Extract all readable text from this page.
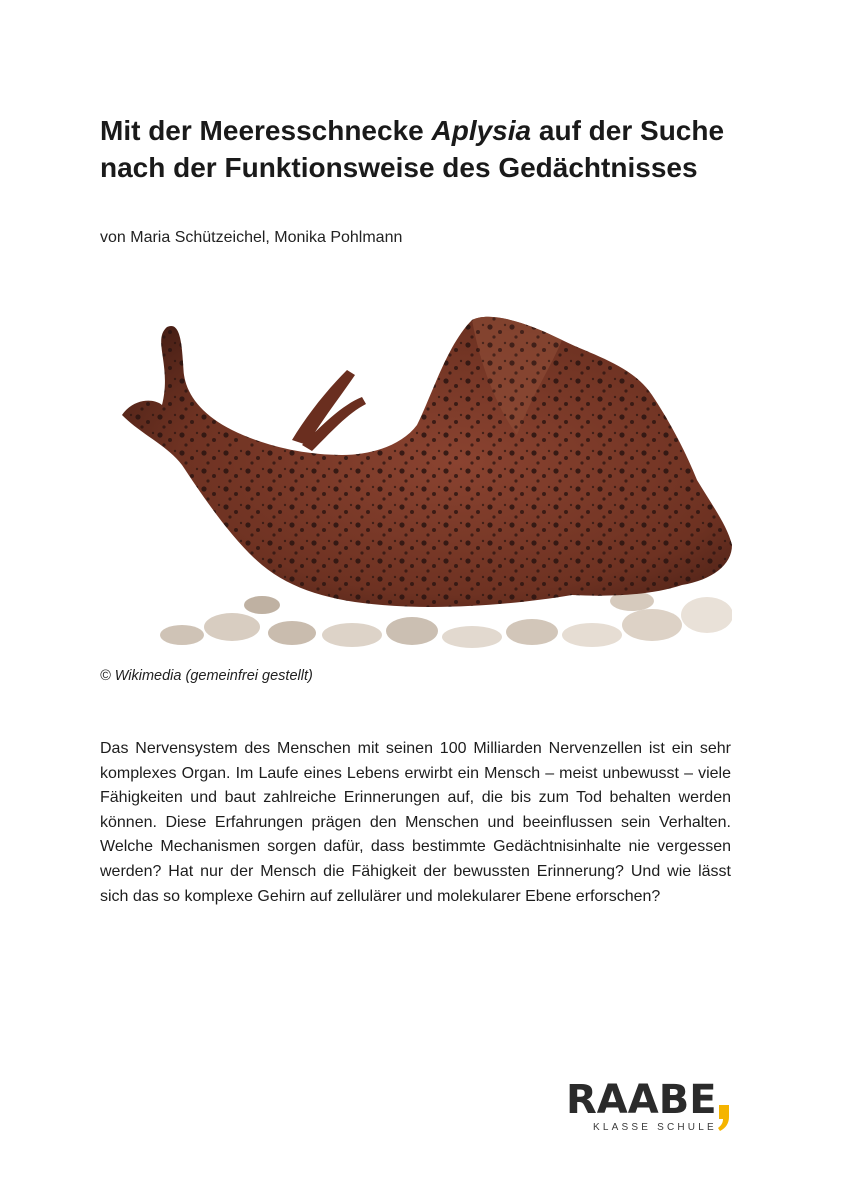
Mit der Meeresschnecke Aplysia auf der Suche nach der Funktionsweise des Gedächtnisses
von Maria Schützeichel, Monika Pohlmann
© Wikimedia (gemeinfrei gestellt)

Das Nervensystem des Menschen mit seinen 100 Milliarden Nervenzellen ist ein sehr komplexes Organ. Im Laufe eines Lebens erwirbt ein Mensch – meist unbewusst – viele Fähigkeiten und baut zahlreiche Erinnerungen auf, die bis zum Tod behalten werden können. Diese Erfahrungen prägen den Menschen und beeinflussen sein Verhalten. Welche Mechanismen sorgen dafür, dass bestimmte Gedächtnisinhalte nie vergessen werden? Hat nur der Mensch die Fähigkeit der bewussten Erinnerung? Und wie lässt sich das so komplexe Gehirn auf zellulärer und molekularer Ebene erforschen?

RAABE
KLASSE SCHULE
